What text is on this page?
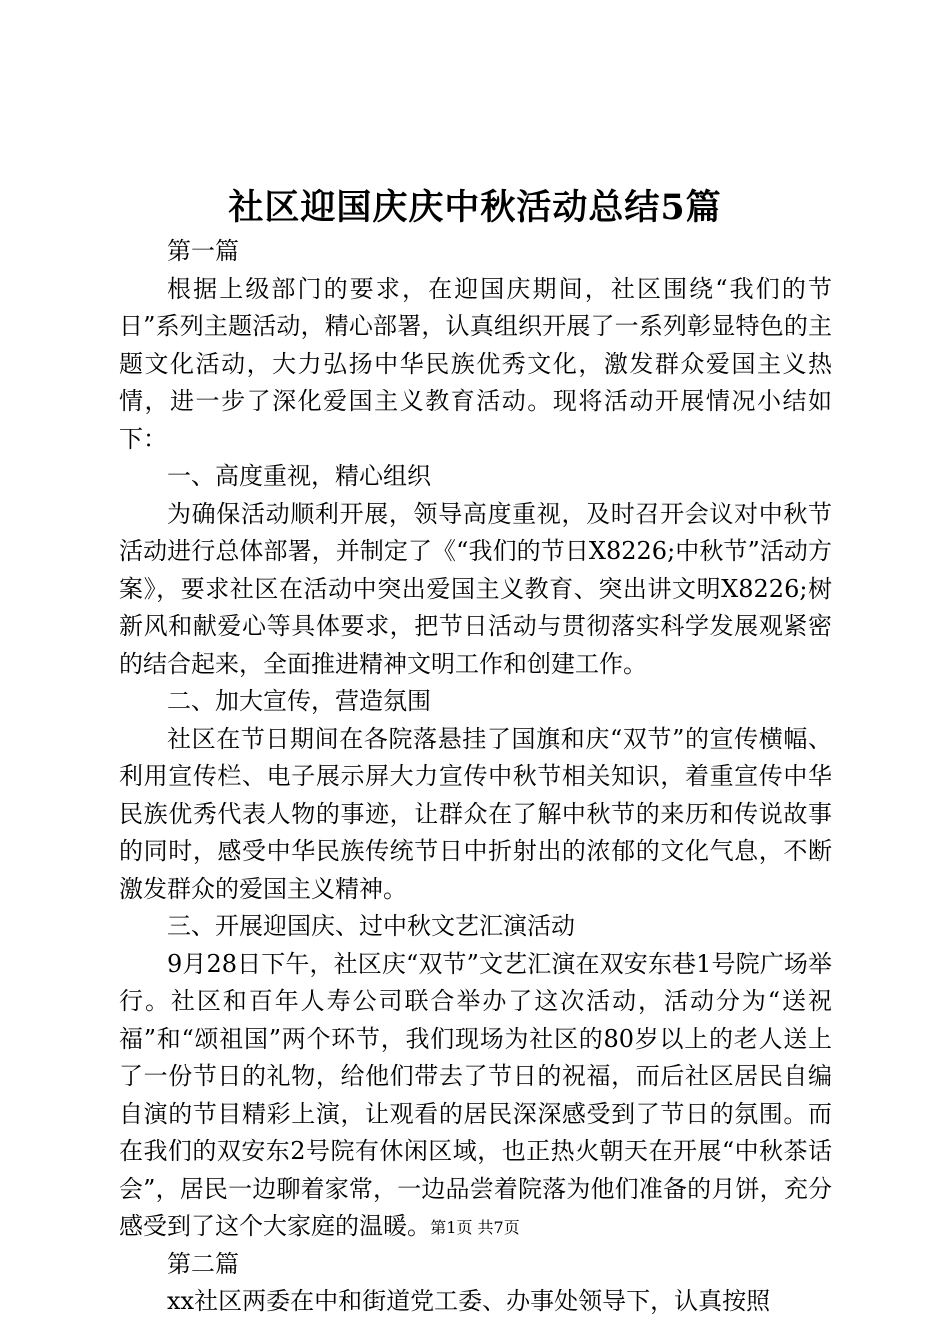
社区迎国庆庆中秋活动总结5篇

第一篇

根据上级部门的要求，在迎国庆期间，社区围绕“我们的节日”系列主题活动，精心部署，认真组织开展了一系列彰显特色的主题文化活动，大力弘扬中华民族优秀文化，激发群众爱国主义热情，进一步了深化爱国主义教育活动。现将活动开展情况小结如下：

一、高度重视，精心组织

为确保活动顺利开展，领导高度重视，及时召开会议对中秋节活动进行总体部署，并制定了《“我们的节日X8226;中秋节”活动方案》，要求社区在活动中突出爱国主义教育、突出讲文明X8226;树新风和献爱心等具体要求，把节日活动与贯彻落实科学发展观紧密的结合起来，全面推进精神文明工作和创建工作。

二、加大宣传，营造氛围

社区在节日期间在各院落悬挂了国旗和庆“双节”的宣传横幅、利用宣传栏、电子展示屏大力宣传中秋节相关知识，着重宣传中华民族优秀代表人物的事迹，让群众在了解中秋节的来历和传说故事的同时，感受中华民族传统节日中折射出的浓郁的文化气息，不断激发群众的爱国主义精神。

三、开展迎国庆、过中秋文艺汇演活动

9月28日下午，社区庆“双节”文艺汇演在双安东巷1号院广场举行。社区和百年人寿公司联合举办了这次活动，活动分为“送祝福”和“颂祖国”两个环节，我们现场为社区的80岁以上的老人送上了一份节日的礼物，给他们带去了节日的祝福，而后社区居民自编自演的节目精彩上演，让观看的居民深深感受到了节日的氛围。而在我们的双安东2号院有休闲区域，也正热火朝天在开展“中秋茶话会”，居民一边聊着家常，一边品尝着院落为他们准备的月饼，充分感受到了这个大家庭的温暖。

第二篇

xx社区两委在中和街道党工委、办事处领导下，认真按照

第1页 共7页
